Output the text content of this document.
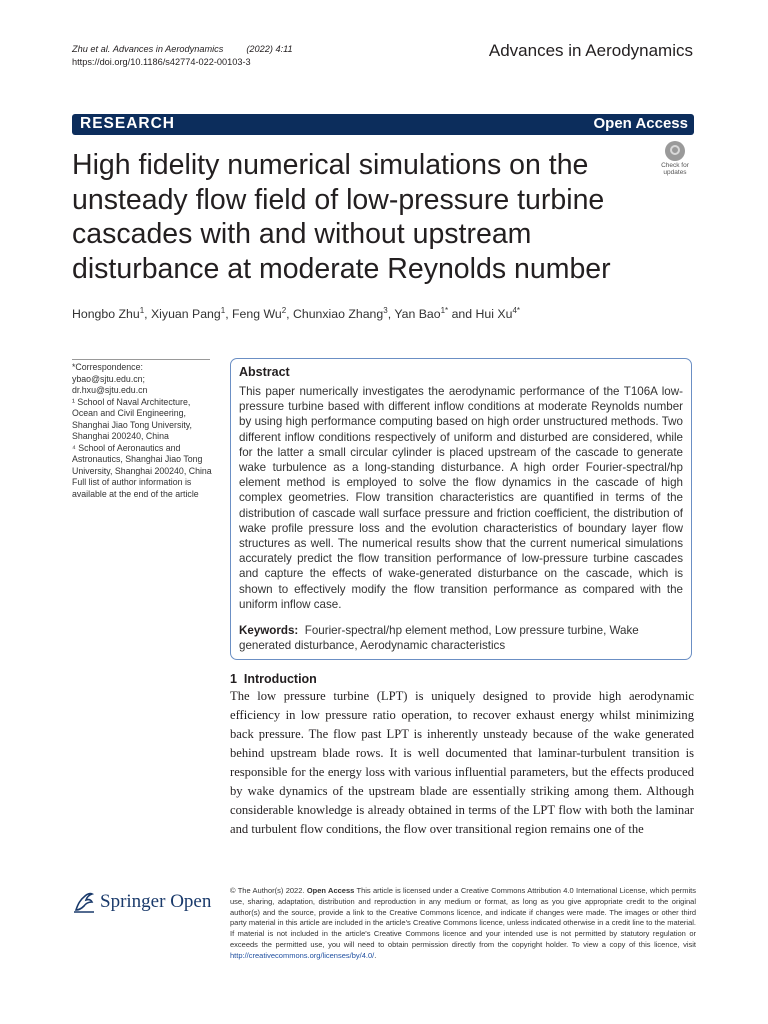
Zhu et al. Advances in Aerodynamics (2022) 4:11
https://doi.org/10.1186/s42774-022-00103-3
Advances in Aerodynamics
RESEARCH	Open Access
High fidelity numerical simulations on the unsteady flow field of low-pressure turbine cascades with and without upstream disturbance at moderate Reynolds number
Check for
updates
Hongbo Zhu$^1$, Xiyuan Pang$^1$, Feng Wu$^2$, Chunxiao Zhang$^3$, Yan Bao$^{1*}$ and Hui $Xu^{4*}$
*Correspondence:
ybao@sjtu.edu.cn;
dr.hxu@sjtu.edu.cn
¹ School of Naval Architecture, Ocean and Civil Engineering, Shanghai Jiao Tong University, Shanghai 200240, China
⁴ School of Aeronautics and Astronautics, Shanghai Jiao Tong University, Shanghai 200240, China
Full list of author information is available at the end of the article
Abstract
This paper numerically investigates the aerodynamic performance of the T106A low-pressure turbine based with different inflow conditions at moderate Reynolds number by using high performance computing based on high order unstructured methods. Two different inflow conditions respectively of uniform and disturbed are considered, while for the latter a small circular cylinder is placed upstream of the cascade to generate wake turbulence as a long-standing disturbance. A high order Fourier-spectral/hp element method is employed to solve the flow dynamics in the cascade of high complex geometries. Flow transition characteristics are quantified in terms of the distribution of cascade wall surface pressure and friction coefficient, the distribution of wake profile pressure loss and the evolution characteristics of boundary layer flow structures as well. The numerical results show that the current numerical simulations accurately predict the flow transition performance of low-pressure turbine cascades and capture the effects of wake-generated disturbance on the cascade, which is shown to effectively modify the flow transition performance as compared with the uniform inflow case.
Keywords: Fourier-spectral/hp element method, Low pressure turbine, Wake generated disturbance, Aerodynamic characteristics
1 Introduction
The low pressure turbine (LPT) is uniquely designed to provide high aerodynamic efficiency in low pressure ratio operation, to recover exhaust energy whilst minimizing back pressure. The flow past LPT is inherently unsteady because of the wake generated behind upstream blade rows. It is well documented that laminar-turbulent transition is responsible for the energy loss with various influential parameters, but the effects produced by wake dynamics of the upstream blade are essentially striking among them. Although considerable knowledge is already obtained in terms of the LPT flow with both the laminar and turbulent flow conditions, the flow over transitional region remains one of the
Springer Open
© The Author(s) 2022. Open Access This article is licensed under a Creative Commons Attribution 4.0 International License, which permits use, sharing, adaptation, distribution and reproduction in any medium or format, as long as you give appropriate credit to the original author(s) and the source, provide a link to the Creative Commons licence, and indicate if changes were made. The images or other third party material in this article are included in the article's Creative Commons licence, unless indicated otherwise in a credit line to the material. If material is not included in the article's Creative Commons licence and your intended use is not permitted by statutory regulation or exceeds the permitted use, you will need to obtain permission directly from the copyright holder. To view a copy of this licence, visit http://creativecommons.org/licenses/by/4.0/.
